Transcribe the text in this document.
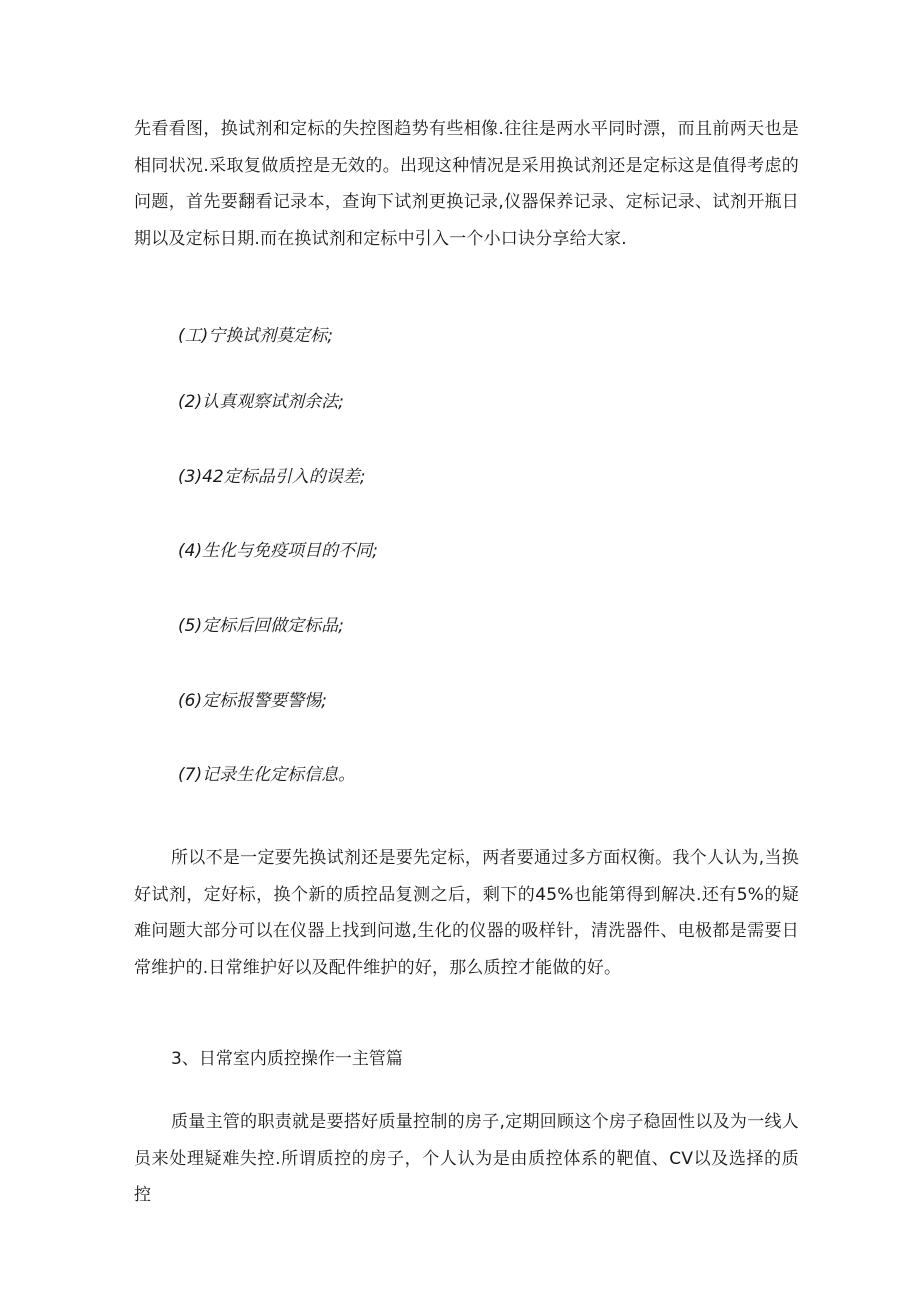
先看看图，换试剂和定标的失控图趋势有些相像.往往是两水平同时漂，而且前两天也是相同状况.采取复做质控是无效的。出现这种情况是采用换试剂还是定标这是值得考虑的问题，首先要翻看记录本，查询下试剂更换记录,仪器保养记录、定标记录、试剂开瓶日期以及定标日期.而在换试剂和定标中引入一个小口诀分享给大家.

(工)宁换试剂莫定标;

(2)认真观察试剂余法;

(3)42定标品引入的误差;

(4)生化与免疫项目的不同;

(5)定标后回做定标品;

(6)定标报警要警惕;

(7)记录生化定标信息。

所以不是一定要先换试剂还是要先定标，两者要通过多方面权衡。我个人认为,当换好试剂，定好标，换个新的质控品复测之后，剩下的45%也能第得到解决.还有5%的疑难问题大部分可以在仪器上找到问遨,生化的仪器的吸样针，清洗器件、电极都是需要日常维护的.日常维护好以及配件维护的好，那么质控才能做的好。

3、日常室内质控操作一主管篇

质量主管的职责就是要搭好质量控制的房子,定期回顾这个房子稳固性以及为一线人员来处理疑难失控.所谓质控的房子，个人认为是由质控体系的靶值、CV以及选择的质控
